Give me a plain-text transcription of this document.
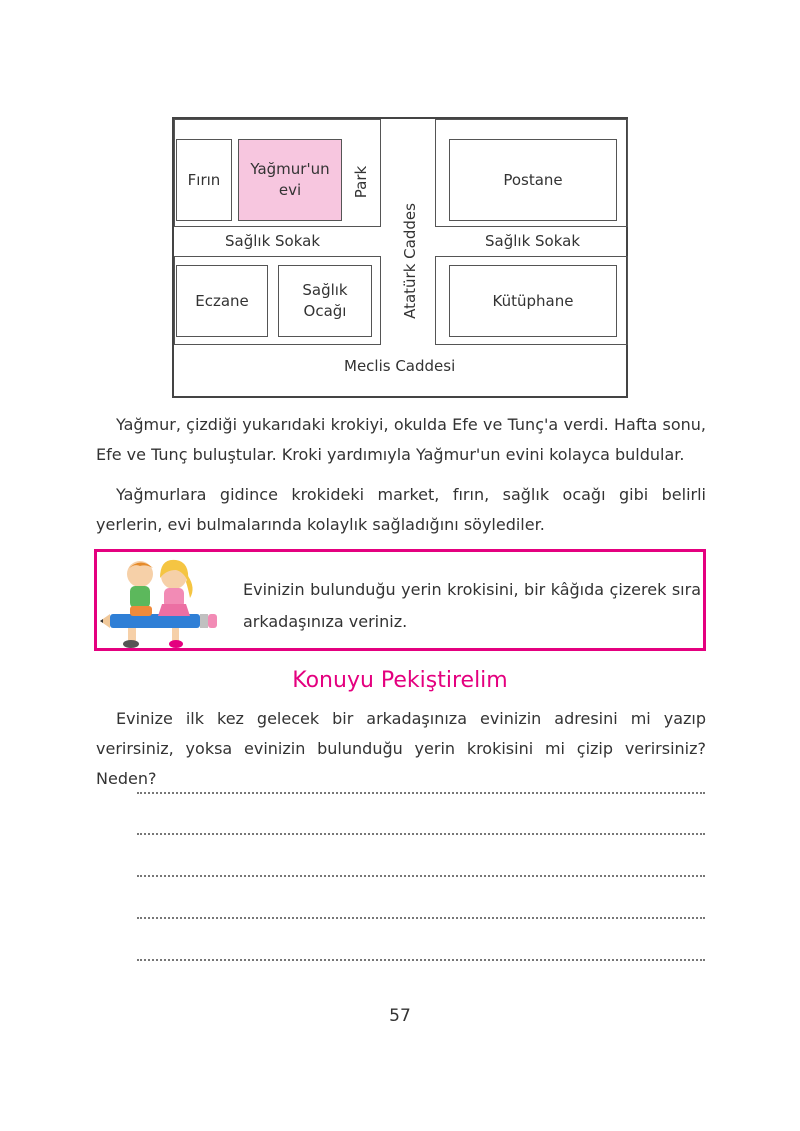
Fırın
Yağmur'un
evi	Park	Postane
Sağlık Sokak	Sağlık Sokak
Atatürk Caddes
Eczane
Sağlık
Ocağı
Kütüphane
Meclis Caddesi
Yağmur, çizdiği yukarıdaki krokiyi, okulda Efe ve Tunç'a verdi. Hafta sonu, Efe ve Tunç buluştular. Kroki yardımıyla Yağmur'un evini kolayca buldular.
Yağmurlara gidince krokideki market, fırın, sağlık ocağı gibi belirli yerlerin, evi bulmalarında kolaylık sağladığını söylediler.
Evinizin bulunduğu yerin krokisini, bir kâğıda çizerek sıra arkadaşınıza veriniz.
Konuyu Pekiştirelim
Evinize ilk kez gelecek bir arkadaşınıza evinizin adresini mi yazıp verirsiniz, yoksa evinizin bulunduğu yerin krokisini mi çizip verirsiniz? Neden?
57
